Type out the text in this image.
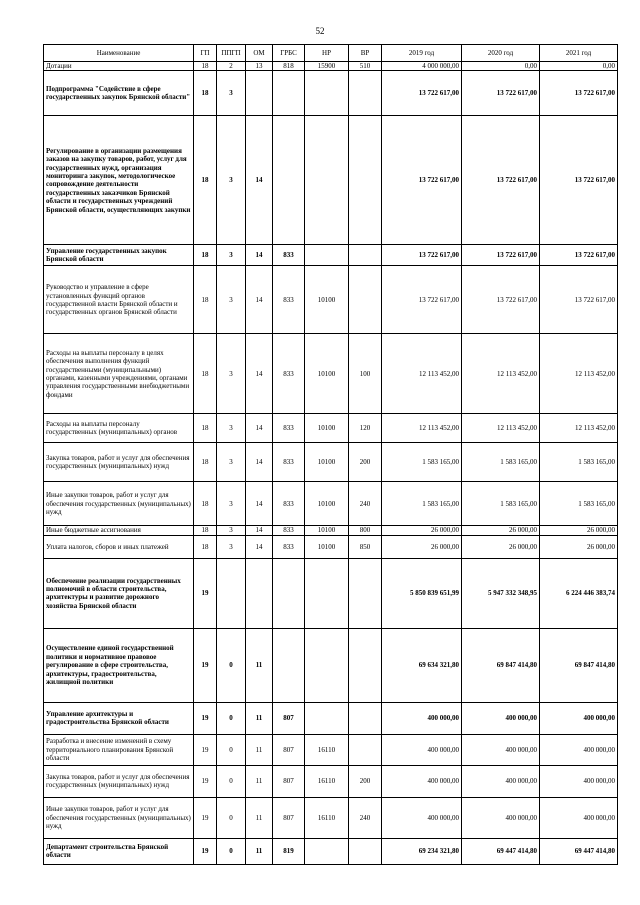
52
Наименование	ГП	ППГП	ОМ	ГРБС	НР	ВР	2019 год	2020 год	2021 год
Дотации	18	2	13	818	15900	510	4 000 000,00	0,00	0,00
Подпрограмма "Содействие в сфере государственных закупок Брянской области"	18	3					13 722 617,00	13 722 617,00	13 722 617,00
Регулирование в организации размещения заказов на закупку товаров, работ, услуг для государственных нужд, организация мониторинга закупок, методологическое сопровождение деятельности государственных заказчиков Брянской области и государственных учреждений Брянской области, осуществляющих закупки	18	3	14				13 722 617,00	13 722 617,00	13 722 617,00
Управление государственных закупок Брянской области	18	3	14	833			13 722 617,00	13 722 617,00	13 722 617,00
Руководство и управление в сфере установленных функций органов государственной власти Брянской области и государственных органов Брянской области	18	3	14	833	10100		13 722 617,00	13 722 617,00	13 722 617,00
Расходы на выплаты персоналу в целях обеспечения выполнения функций государственными (муниципальными) органами, казенными учреждениями, органами управления государственными внебюджетными фондами	18	3	14	833	10100	100	12 113 452,00	12 113 452,00	12 113 452,00
Расходы на выплаты персоналу государственных (муниципальных) органов	18	3	14	833	10100	120	12 113 452,00	12 113 452,00	12 113 452,00
Закупка товаров, работ и услуг для обеспечения государственных (муниципальных) нужд	18	3	14	833	10100	200	1 583 165,00	1 583 165,00	1 583 165,00
Иные закупки товаров, работ и услуг для обеспечения государственных (муниципальных) нужд	18	3	14	833	10100	240	1 583 165,00	1 583 165,00	1 583 165,00
Иные бюджетные ассигнования	18	3	14	833	10100	800	26 000,00	26 000,00	26 000,00
Уплата налогов, сборов и иных платежей	18	3	14	833	10100	850	26 000,00	26 000,00	26 000,00
Обеспечение реализации государственных полномочий в области строительства, архитектуры и развитие дорожного хозяйства Брянской области	19						5 850 839 651,99	5 947 332 348,95	6 224 446 383,74
Осуществление единой государственной политики и нормативное правовое регулирование в сфере строительства, архитектуры, градостроительства, жилищной политики	19	0	11				69 634 321,80	69 847 414,80	69 847 414,80
Управление архитектуры и градостроительства Брянской области	19	0	11	807			400 000,00	400 000,00	400 000,00
Разработка и внесение изменений в схему территориального планирования Брянской области	19	0	11	807	16110		400 000,00	400 000,00	400 000,00
Закупка товаров, работ и услуг для обеспечения государственных (муниципальных) нужд	19	0	11	807	16110	200	400 000,00	400 000,00	400 000,00
Иные закупки товаров, работ и услуг для обеспечения государственных (муниципальных) нужд	19	0	11	807	16110	240	400 000,00	400 000,00	400 000,00
Департамент строительства Брянской области	19	0	11	819			69 234 321,80	69 447 414,80	69 447 414,80
